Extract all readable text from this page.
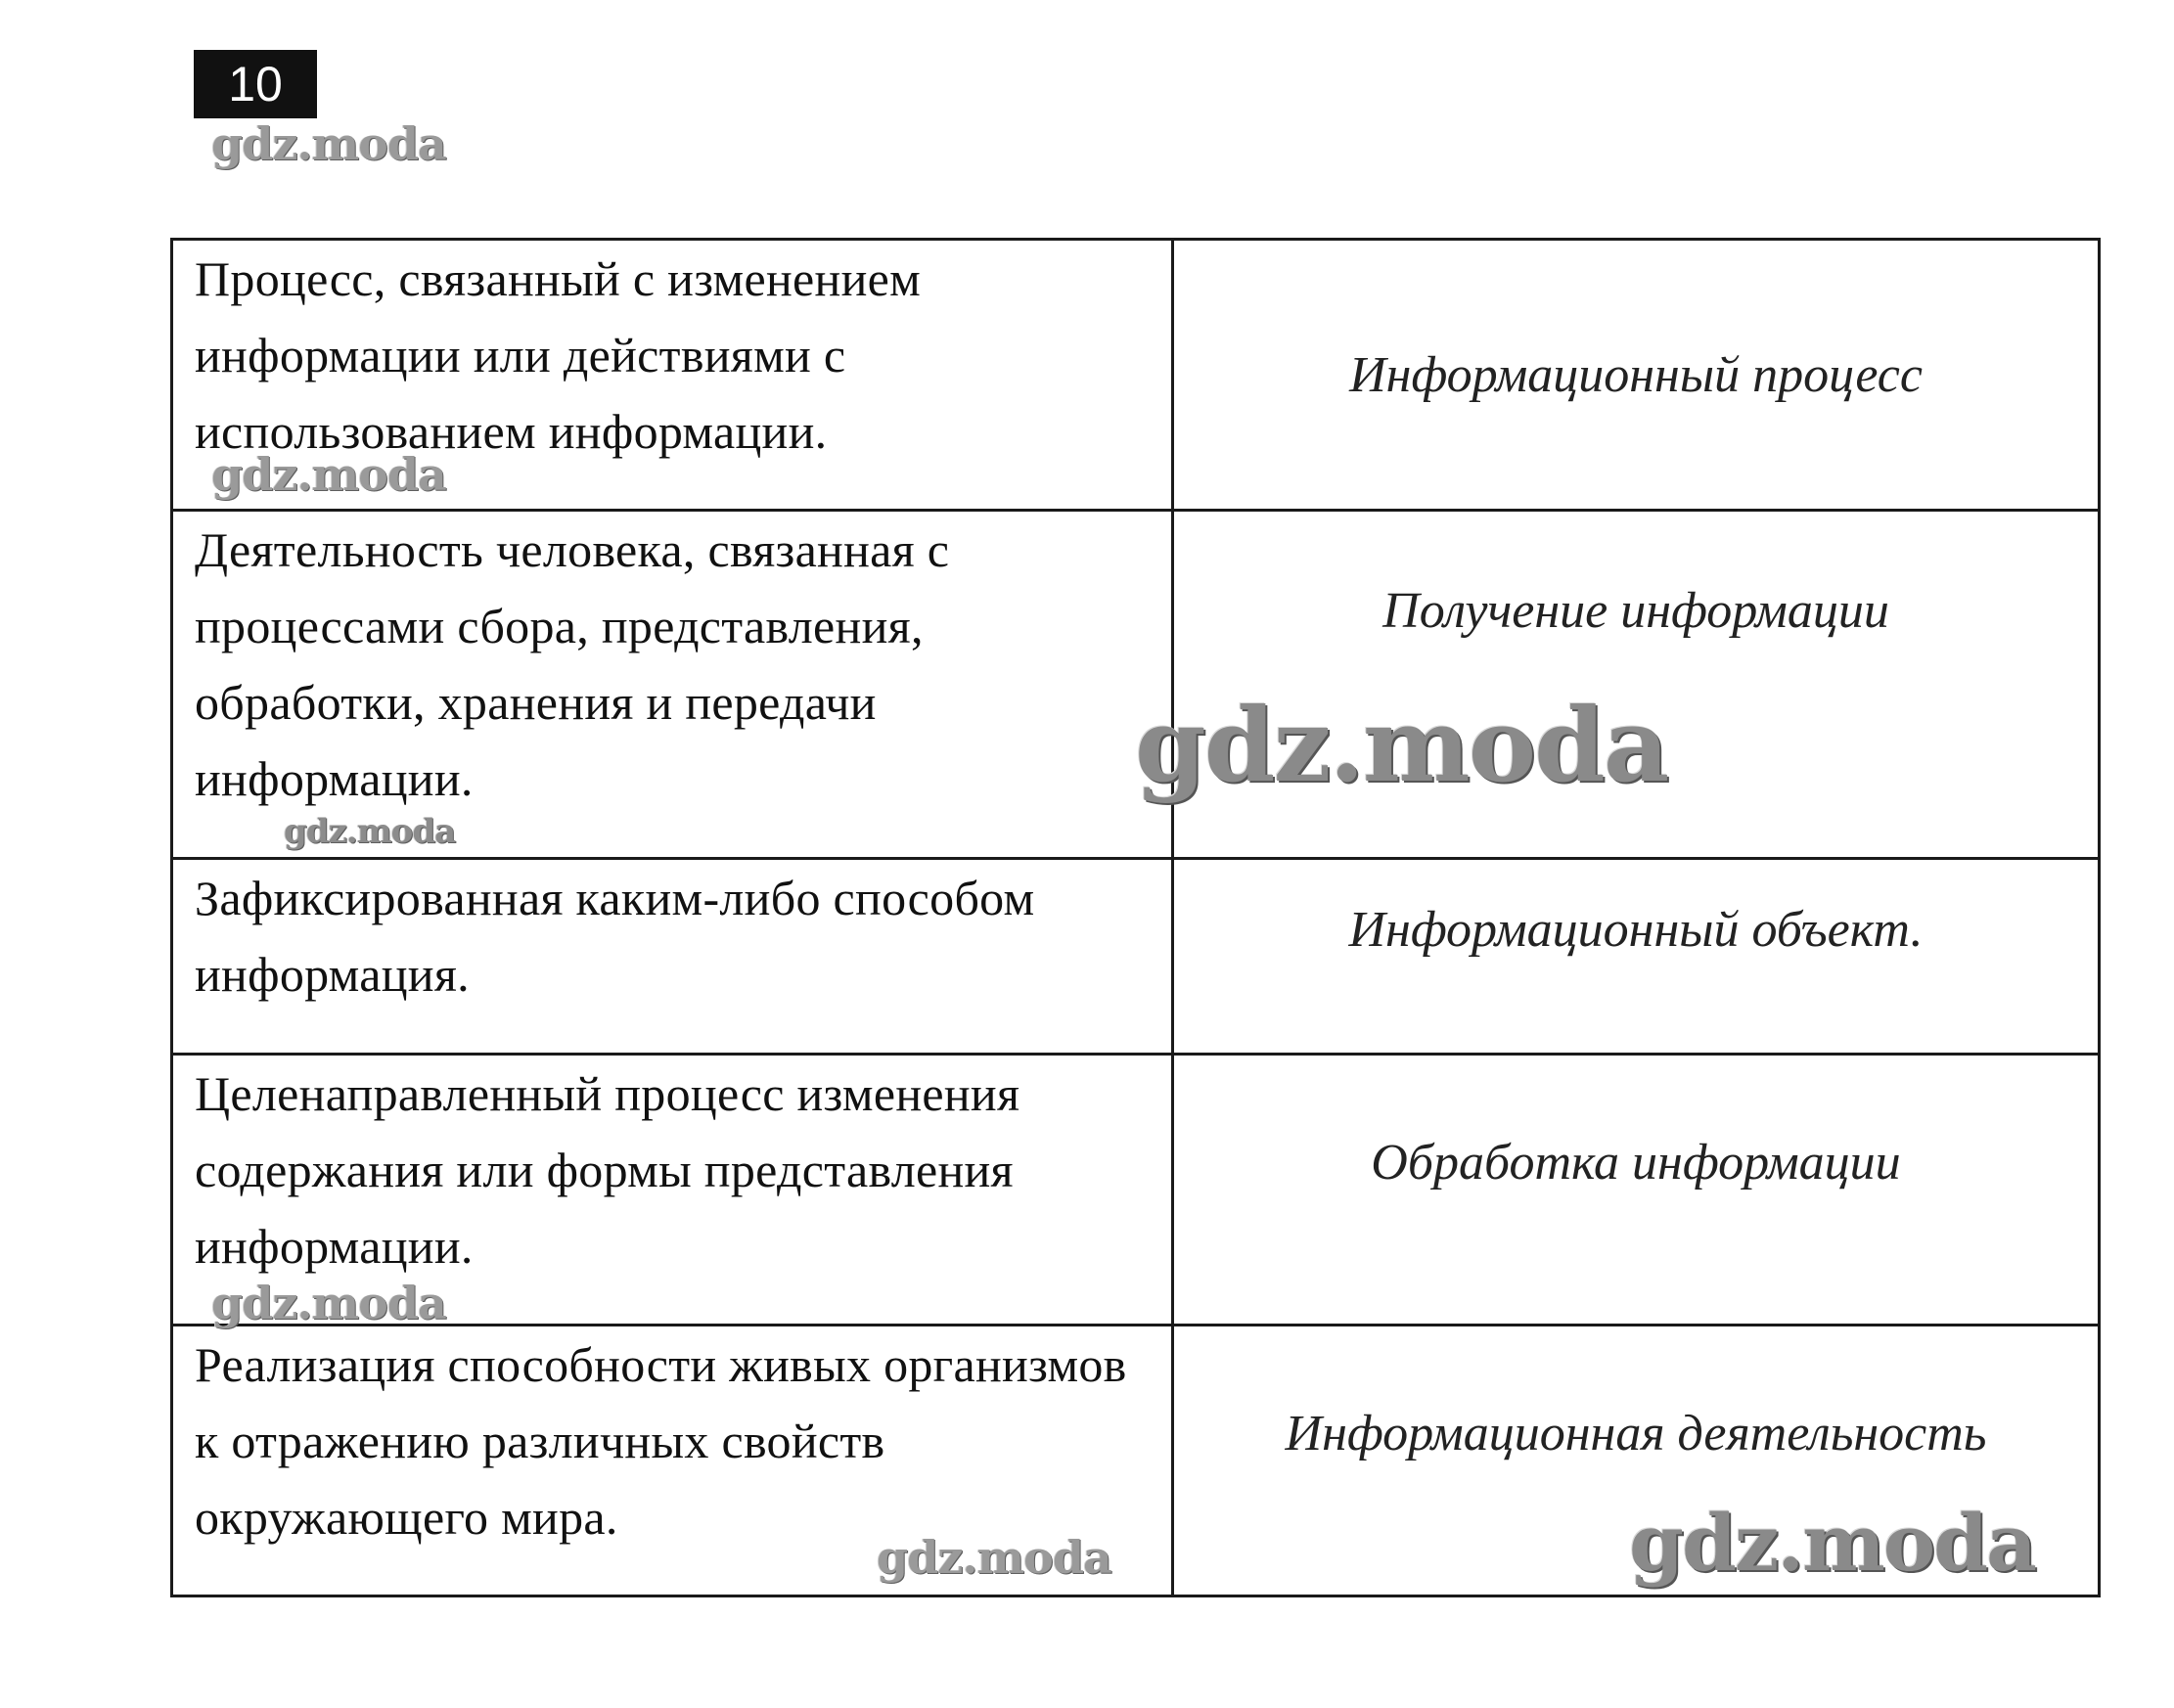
10
Процесс, связанный с изменением информации или действиями с использованием информации.	Информационный процесс
Деятельность человека, связанная с процессами сбора, представления, обработки, хранения и передачи информации.	Получение информации
Зафиксированная каким-либо способом информация.	Информационный объект.
Целенаправленный процесс изменения содержания или формы представления информации.	Обработка информации
Реализация способности живых организмов к отражению различных свойств окружающего мира.	Информационная деятельность
gdz.moda
gdz.moda
gdz.moda
gdz.moda
gdz.moda
gdz.moda	gdz.moda
